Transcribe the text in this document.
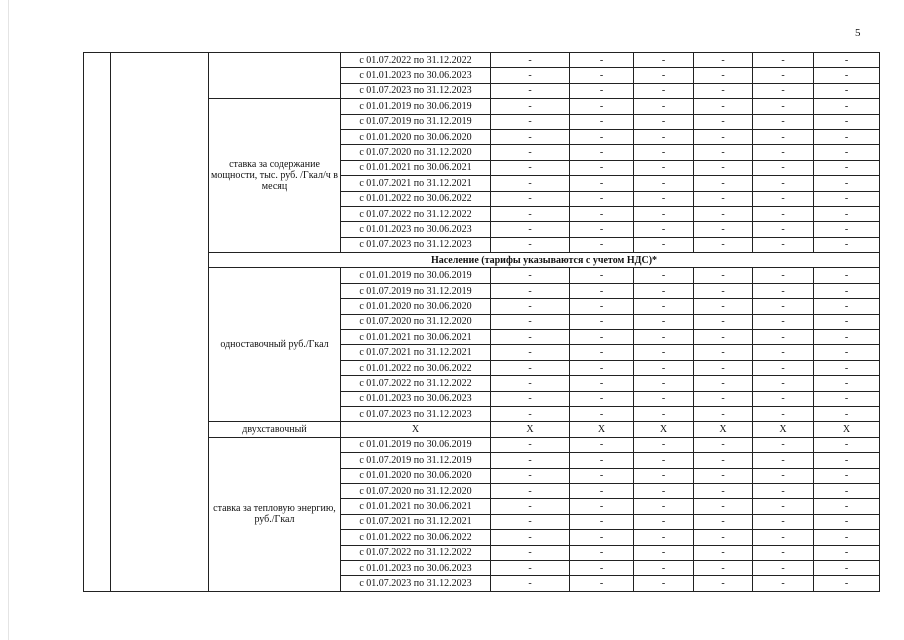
5
			с 01.07.2022 по 31.12.2022	-	-	-	-	-	-
			с 01.01.2023 по 30.06.2023	-	-	-	-	-	-
			с 01.07.2023 по 31.12.2023	-	-	-	-	-	-
		ставка за содержание мощности, тыс. руб. /Гкал/ч в месяц	с 01.01.2019 по 30.06.2019	-	-	-	-	-	-
			с 01.07.2019 по 31.12.2019	-	-	-	-	-	-
			с 01.01.2020 по 30.06.2020	-	-	-	-	-	-
			с 01.07.2020 по 31.12.2020	-	-	-	-	-	-
			с 01.01.2021 по 30.06.2021	-	-	-	-	-	-
			с 01.07.2021 по 31.12.2021	-	-	-	-	-	-
			с 01.01.2022 по 30.06.2022	-	-	-	-	-	-
			с 01.07.2022 по 31.12.2022	-	-	-	-	-	-
			с 01.01.2023 по 30.06.2023	-	-	-	-	-	-
			с 01.07.2023 по 31.12.2023	-	-	-	-	-	-
		Население (тарифы указываются с учетом НДС)*							
		одноставочный руб./Гкал	с 01.01.2019 по 30.06.2019	-	-	-	-	-	-
			с 01.07.2019 по 31.12.2019	-	-	-	-	-	-
			с 01.01.2020 по 30.06.2020	-	-	-	-	-	-
			с 01.07.2020 по 31.12.2020	-	-	-	-	-	-
			с 01.01.2021 по 30.06.2021	-	-	-	-	-	-
			с 01.07.2021 по 31.12.2021	-	-	-	-	-	-
			с 01.01.2022 по 30.06.2022	-	-	-	-	-	-
			с 01.07.2022 по 31.12.2022	-	-	-	-	-	-
			с 01.01.2023 по 30.06.2023	-	-	-	-	-	-
			с 01.07.2023 по 31.12.2023	-	-	-	-	-	-
		двухставочный	X	X	X	X	X	X	X
		ставка за тепловую энергию, руб./Гкал	с 01.01.2019 по 30.06.2019	-	-	-	-	-	-
			с 01.07.2019 по 31.12.2019	-	-	-	-	-	-
			с 01.01.2020 по 30.06.2020	-	-	-	-	-	-
			с 01.07.2020 по 31.12.2020	-	-	-	-	-	-
			с 01.01.2021 по 30.06.2021	-	-	-	-	-	-
			с 01.07.2021 по 31.12.2021	-	-	-	-	-	-
			с 01.01.2022 по 30.06.2022	-	-	-	-	-	-
			с 01.07.2022 по 31.12.2022	-	-	-	-	-	-
			с 01.01.2023 по 30.06.2023	-	-	-	-	-	-
			с 01.07.2023 по 31.12.2023	-	-	-	-	-	-
